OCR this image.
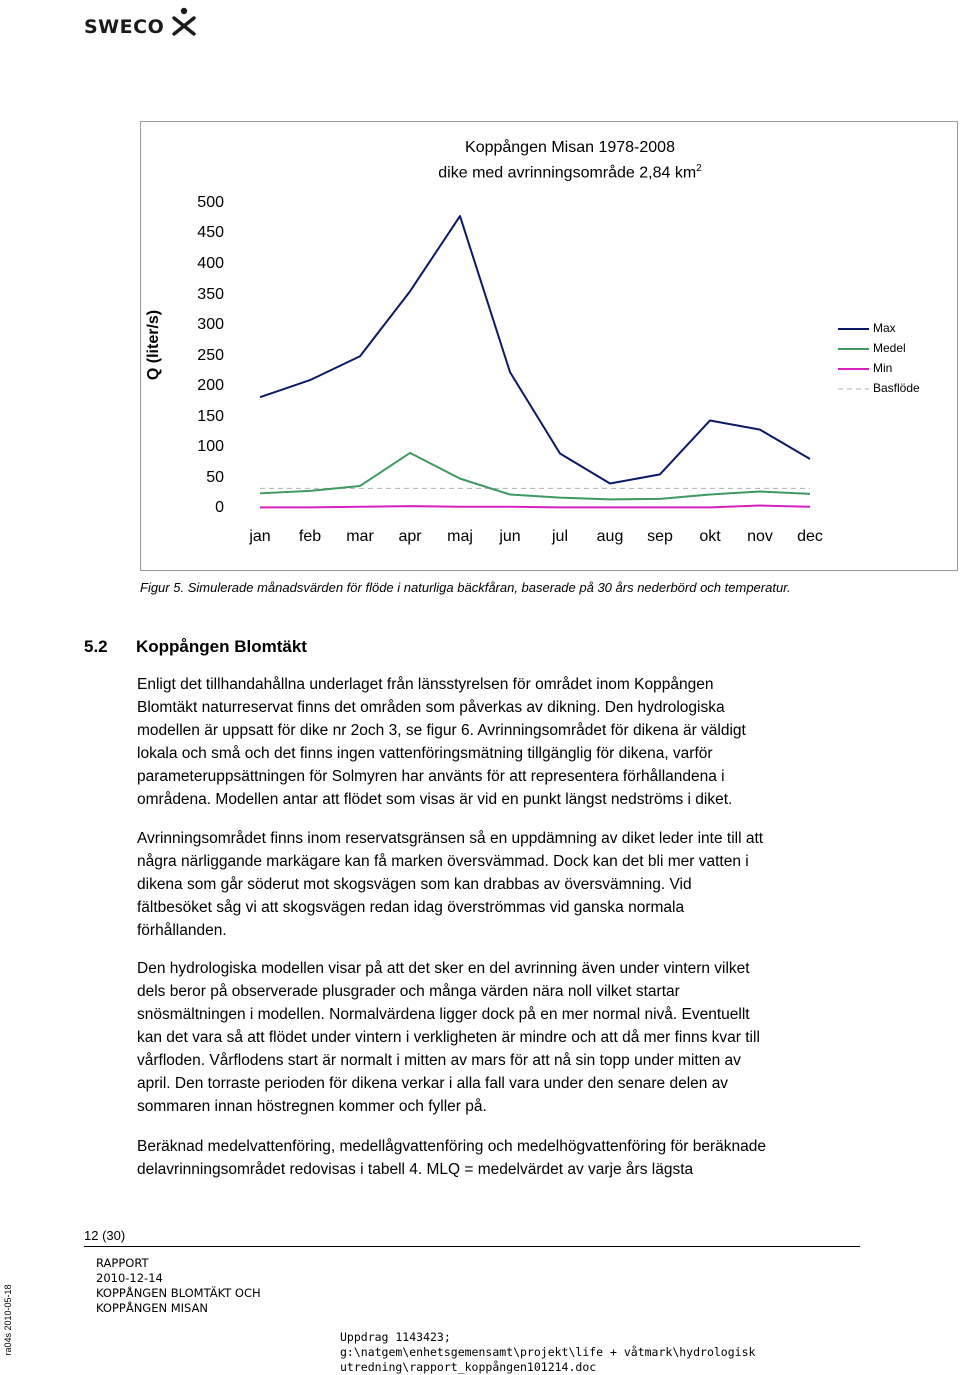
SWECO
Koppången Misan 1978-2008
dike med avrinningsområde 2,84 $km^2$
Q (liter/s)
500
450
400
350
300
250
200
150
100
50
0
jan	feb	mar	apr	maj	jun	jul	aug	sep	okt	nov	dec
Max
Medel
Min
Basflöde
Figur 5. Simulerade månadsvärden för flöde i naturliga bäckfåran, baserade på 30 års nederbörd och temperatur.
5.2 Koppången Blomtäkt
Enligt det tillhandahållna underlaget från länsstyrelsen för området inom Koppången
Blomtäkt naturreservat finns det områden som påverkas av dikning. Den hydrologiska
modellen är uppsatt för dike nr 2och 3, se figur 6. Avrinningsområdet för dikena är väldigt
lokala och små och det finns ingen vattenföringsmätning tillgänglig för dikena, varför
parameteruppsättningen för Solmyren har använts för att representera förhållandena i
områdena. Modellen antar att flödet som visas är vid en punkt längst nedströms i diket.
Avrinningsområdet finns inom reservatsgränsen så en uppdämning av diket leder inte till att
några närliggande markägare kan få marken översvämmad. Dock kan det bli mer vatten i
dikena som går söderut mot skogsvägen som kan drabbas av översvämning. Vid
fältbesöket såg vi att skogsvägen redan idag överströmmas vid ganska normala
förhållanden.
Den hydrologiska modellen visar på att det sker en del avrinning även under vintern vilket
dels beror på observerade plusgrader och många värden nära noll vilket startar
snösmältningen i modellen. Normalvärdena ligger dock på en mer normal nivå. Eventuellt
kan det vara så att flödet under vintern i verkligheten är mindre och att då mer finns kvar till
vårfloden. Vårflodens start är normalt i mitten av mars för att nå sin topp under mitten av
april. Den torraste perioden för dikena verkar i alla fall vara under den senare delen av
sommaren innan höstregnen kommer och fyller på.
Beräknad medelvattenföring, medellågvattenföring och medelhögvattenföring för beräknade
delavrinningsområdet redovisas i tabell 4. MLQ = medelvärdet av varje års lägsta
12 (30)
RAPPORT
2010-12-14
KOPPÅNGEN BLOMTÄKT OCH
KOPPÅNGEN MISAN
Uppdrag 1143423;
g:\natgem\enhetsgemensamt\projekt\life + våtmark\hydrologisk
utredning\rapport_koppången101214.doc
ra04s 2010-05-18
